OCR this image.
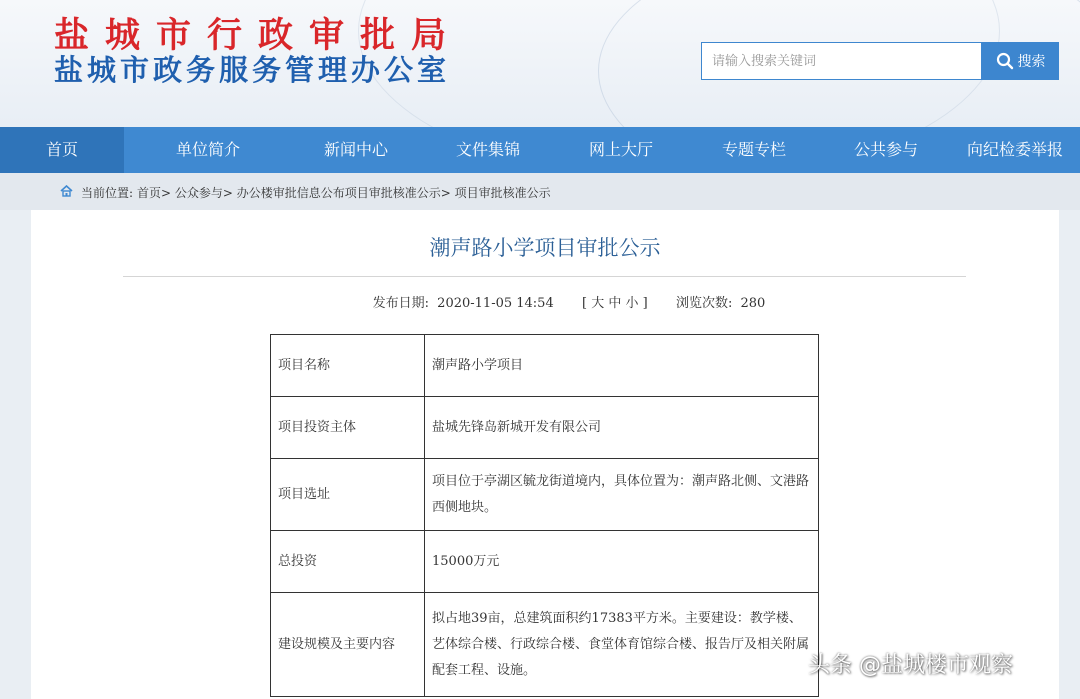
盐城市行政审批局
盐城市政务服务管理办公室
请输入搜索关键词	搜索
首页	单位简介	新闻中心	文件集锦	网上大厅	专题专栏	公共参与	向纪检委举报
当前位置: 首页> 公众参与> 办公楼审批信息公布项目审批核准公示> 项目审批核准公示
潮声路小学项目审批公示
发布日期: 2020-11-05 14:54 [ 大 中 小 ] 浏览次数: 280
项目名称	潮声路小学项目
项目投资主体	盐城先锋岛新城开发有限公司
项目选址	项目位于亭湖区毓龙街道境内，具体位置为：潮声路北侧、文港路西侧地块。
总投资	15000万元
建设规模及主要内容	拟占地39亩，总建筑面积约17383平方米。主要建设：教学楼、艺体综合楼、行政综合楼、食堂体育馆综合楼、报告厅及相关附属配套工程、设施。	头条 @盐城楼市观察
